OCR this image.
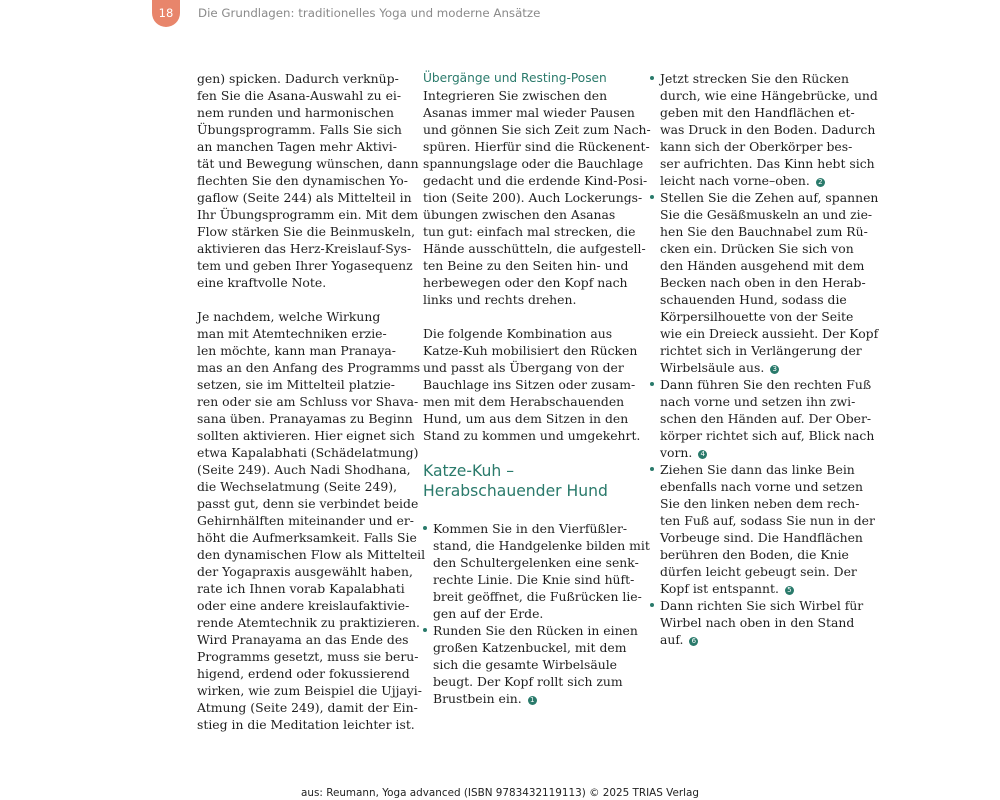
18	Die Grundlagen: traditionelles Yoga und moderne Ansätze
gen) spicken. Dadurch verknüp-
fen Sie die Asana-Auswahl zu ei-
nem runden und harmonischen
Übungsprogramm. Falls Sie sich
an manchen Tagen mehr Aktivi-
tät und Bewegung wünschen, dann
flechten Sie den dynamischen Yo-
gaflow (Seite 244) als Mittelteil in
Ihr Übungsprogramm ein. Mit dem
Flow stärken Sie die Beinmuskeln,
aktivieren das Herz-Kreislauf-Sys-
tem und geben Ihrer Yogasequenz
eine kraftvolle Note.
Je nachdem, welche Wirkung
man mit Atemtechniken erzie-
len möchte, kann man Pranaya-
mas an den Anfang des Programms
setzen, sie im Mittelteil platzie-
ren oder sie am Schluss vor Shava-
sana üben. Pranayamas zu Beginn
sollten aktivieren. Hier eignet sich
etwa Kapalabhati (Schädelatmung)
(Seite 249). Auch Nadi Shodhana,
die Wechselatmung (Seite 249),
passt gut, denn sie verbindet beide
Gehirnhälften miteinander und er-
höht die Aufmerksamkeit. Falls Sie
den dynamischen Flow als Mittelteil
der Yogapraxis ausgewählt haben,
rate ich Ihnen vorab Kapalabhati
oder eine andere kreislaufaktivie-
rende Atemtechnik zu praktizieren.
Wird Pranayama an das Ende des
Programms gesetzt, muss sie beru-
higend, erdend oder fokussierend
wirken, wie zum Beispiel die Ujjayi-
Atmung (Seite 249), damit der Ein-
stieg in die Meditation leichter ist.
Übergänge und Resting-Posen
Integrieren Sie zwischen den
Asanas immer mal wieder Pausen
und gönnen Sie sich Zeit zum Nach-
spüren. Hierfür sind die Rückenent-
spannungslage oder die Bauchlage
gedacht und die erdende Kind-Posi-
tion (Seite 200). Auch Lockerungs-
übungen zwischen den Asanas
tun gut: einfach mal strecken, die
Hände ausschütteln, die aufgestell-
ten Beine zu den Seiten hin- und
herbewegen oder den Kopf nach
links und rechts drehen.
Die folgende Kombination aus
Katze-Kuh mobilisiert den Rücken
und passt als Übergang von der
Bauchlage ins Sitzen oder zusam-
men mit dem Herabschauenden
Hund, um aus dem Sitzen in den
Stand zu kommen und umgekehrt.
Katze-Kuh –
Herabschauender Hund
Kommen Sie in den Vierfüßler-
stand, die Handgelenke bilden mit
den Schultergelenken eine senk-
rechte Linie. Die Knie sind hüft-
breit geöffnet, die Fußrücken lie-
gen auf der Erde.
Runden Sie den Rücken in einen
großen Katzenbuckel, mit dem
sich die gesamte Wirbelsäule
beugt. Der Kopf rollt sich zum
Brustbein ein. 1
Jetzt strecken Sie den Rücken
durch, wie eine Hängebrücke, und
geben mit den Handflächen et-
was Druck in den Boden. Dadurch
kann sich der Oberkörper bes-
ser aufrichten. Das Kinn hebt sich
leicht nach vorne–oben. 2
Stellen Sie die Zehen auf, spannen
Sie die Gesäßmuskeln an und zie-
hen Sie den Bauchnabel zum Rü-
cken ein. Drücken Sie sich von
den Händen ausgehend mit dem
Becken nach oben in den Herab-
schauenden Hund, sodass die
Körpersilhouette von der Seite
wie ein Dreieck aussieht. Der Kopf
richtet sich in Verlängerung der
Wirbelsäule aus. 3
Dann führen Sie den rechten Fuß
nach vorne und setzen ihn zwi-
schen den Händen auf. Der Ober-
körper richtet sich auf, Blick nach
vorn. 4
Ziehen Sie dann das linke Bein
ebenfalls nach vorne und setzen
Sie den linken neben dem rech-
ten Fuß auf, sodass Sie nun in der
Vorbeuge sind. Die Handflächen
berühren den Boden, die Knie
dürfen leicht gebeugt sein. Der
Kopf ist entspannt. 5
Dann richten Sie sich Wirbel für
Wirbel nach oben in den Stand
auf. 6
aus: Reumann, Yoga advanced (ISBN 9783432119113) © 2025 TRIAS Verlag
